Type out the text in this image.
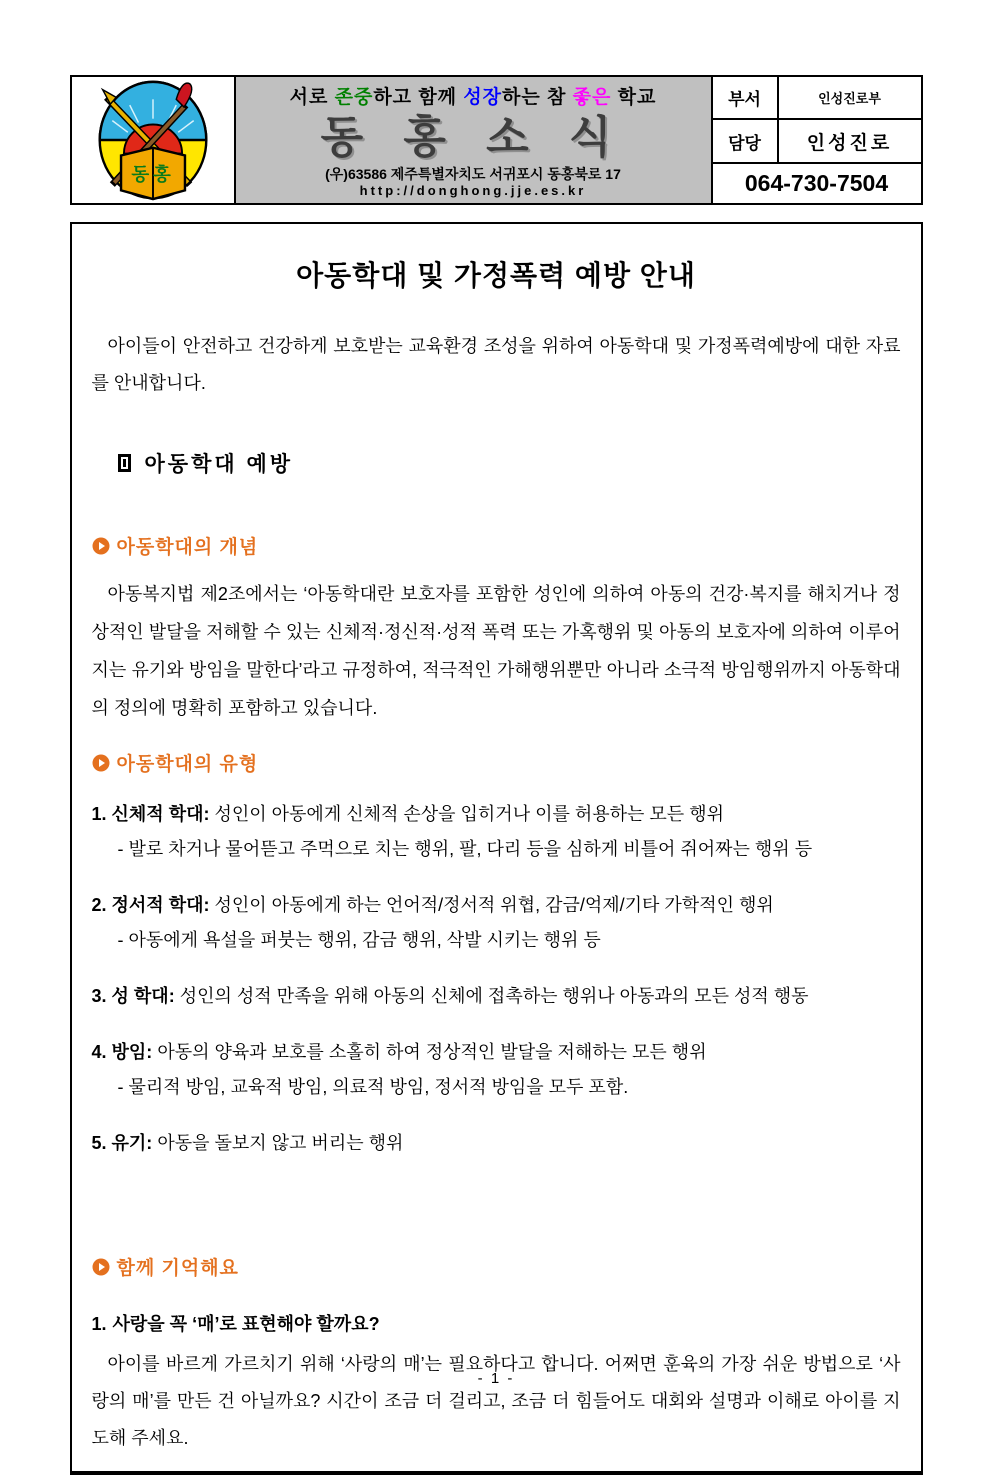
동홍
서로 존중하고 함께 성장하는 참 좋은 학교
동 홍 소 식
(우)63586 제주특별자치도 서귀포시 동홍북로 17
http://donghong.jje.es.kr
부서	인성진로부
담당	인성진로
064-730-7504
아동학대 및 가정폭력 예방 안내
아이들이 안전하고 건강하게 보호받는 교육환경 조성을 위하여 아동학대 및 가정폭력예방에 대한 자료를 안내합니다.
아동학대 예방
아동학대의 개념
아동복지법 제2조에서는 ‘아동학대란 보호자를 포함한 성인에 의하여 아동의 건강·복지를 해치거나 정상적인 발달을 저해할 수 있는 신체적·정신적·성적 폭력 또는 가혹행위 및 아동의 보호자에 의하여 이루어지는 유기와 방임을 말한다’라고 규정하여, 적극적인 가해행위뿐만 아니라 소극적 방임행위까지 아동학대의 정의에 명확히 포함하고 있습니다.
아동학대의 유형
1. 신체적 학대: 성인이 아동에게 신체적 손상을 입히거나 이를 허용하는 모든 행위
- 발로 차거나 물어뜯고 주먹으로 치는 행위, 팔, 다리 등을 심하게 비틀어 쥐어짜는 행위 등
2. 정서적 학대: 성인이 아동에게 하는 언어적/정서적 위협, 감금/억제/기타 가학적인 행위
- 아동에게 욕설을 퍼붓는 행위, 감금 행위, 삭발 시키는 행위 등
3. 성 학대: 성인의 성적 만족을 위해 아동의 신체에 접촉하는 행위나 아동과의 모든 성적 행동
4. 방임: 아동의 양육과 보호를 소홀히 하여 정상적인 발달을 저해하는 모든 행위
- 물리적 방임, 교육적 방임, 의료적 방임, 정서적 방임을 모두 포함.
5. 유기: 아동을 돌보지 않고 버리는 행위
함께 기억해요
1. 사랑을 꼭 ‘매’로 표현해야 할까요?
아이를 바르게 가르치기 위해 ‘사랑의 매’는 필요하다고 합니다. 어쩌면 훈육의 가장 쉬운 방법으로 ‘사랑의 매’를 만든 건 아닐까요? 시간이 조금 더 걸리고, 조금 더 힘들어도 대회와 설명과 이해로 아이를 지도해 주세요.
- 1 -
